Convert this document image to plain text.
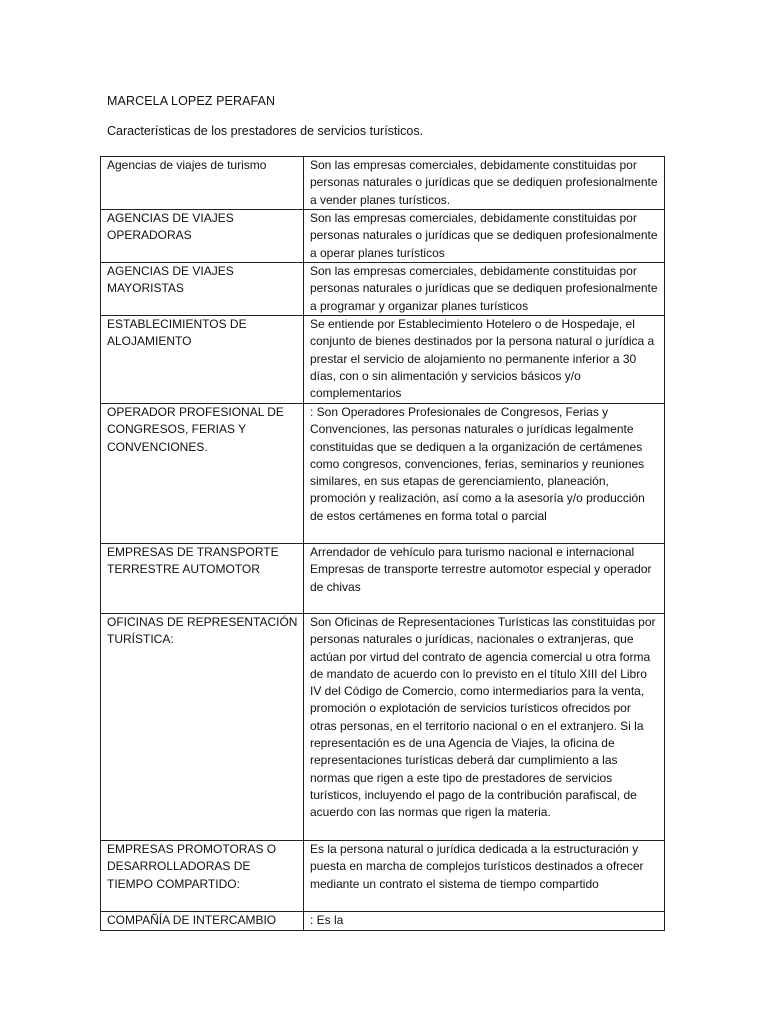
MARCELA LOPEZ PERAFAN
Características de los prestadores de servicios turísticos.
Agencias de viajes de turismo	Son las empresas comerciales, debidamente constituidas por personas naturales o jurídicas que se dediquen profesionalmente a vender planes turísticos.
AGENCIAS DE VIAJES OPERADORAS	Son las empresas comerciales, debidamente constituidas por personas naturales o jurídicas que se dediquen profesionalmente a operar planes turísticos
AGENCIAS DE VIAJES MAYORISTAS	Son las empresas comerciales, debidamente constituidas por personas naturales o jurídicas que se dediquen profesionalmente a programar y organizar planes turísticos
ESTABLECIMIENTOS DE ALOJAMIENTO	Se entiende por Establecimiento Hotelero o de Hospedaje, el conjunto de bienes destinados por la persona natural o jurídica a prestar el servicio de alojamiento no permanente inferior a 30 días, con o sin alimentación y servicios básicos y/o complementarios
OPERADOR PROFESIONAL DE CONGRESOS, FERIAS Y CONVENCIONES.	: Son Operadores Profesionales de Congresos, Ferias y Convenciones, las personas naturales o jurídicas legalmente constituidas que se dediquen a la organización de certámenes como congresos, convenciones, ferias, seminarios y reuniones similares, en sus etapas de gerenciamiento, planeación, promoción y realización, así como a la asesoría y/o producción de estos certámenes en forma total o parcial
EMPRESAS DE TRANSPORTE TERRESTRE AUTOMOTOR	Arrendador de vehículo para turismo nacional e internacional Empresas de transporte terrestre automotor especial y operador de chivas
OFICINAS DE REPRESENTACIÓN TURÍSTICA:	Son Oficinas de Representaciones Turísticas las constituidas por personas naturales o jurídicas, nacionales o extranjeras, que actúan por virtud del contrato de agencia comercial u otra forma de mandato de acuerdo con lo previsto en el título XIII del Libro IV del Código de Comercio, como intermediarios para la venta, promoción o explotación de servicios turísticos ofrecidos por otras personas, en el territorio nacional o en el extranjero. Si la representación es de una Agencia de Viajes, la oficina de representaciones turísticas deberá dar cumplimiento a las normas que rigen a este tipo de prestadores de servicios turísticos, incluyendo el pago de la contribución parafiscal, de acuerdo con las normas que rigen la materia.
EMPRESAS PROMOTORAS O DESARROLLADORAS DE TIEMPO COMPARTIDO:	Es la persona natural o jurídica dedicada a la estructuración y puesta en marcha de complejos turísticos destinados a ofrecer mediante un contrato el sistema de tiempo compartido
COMPAÑÍA DE INTERCAMBIO	: Es la
